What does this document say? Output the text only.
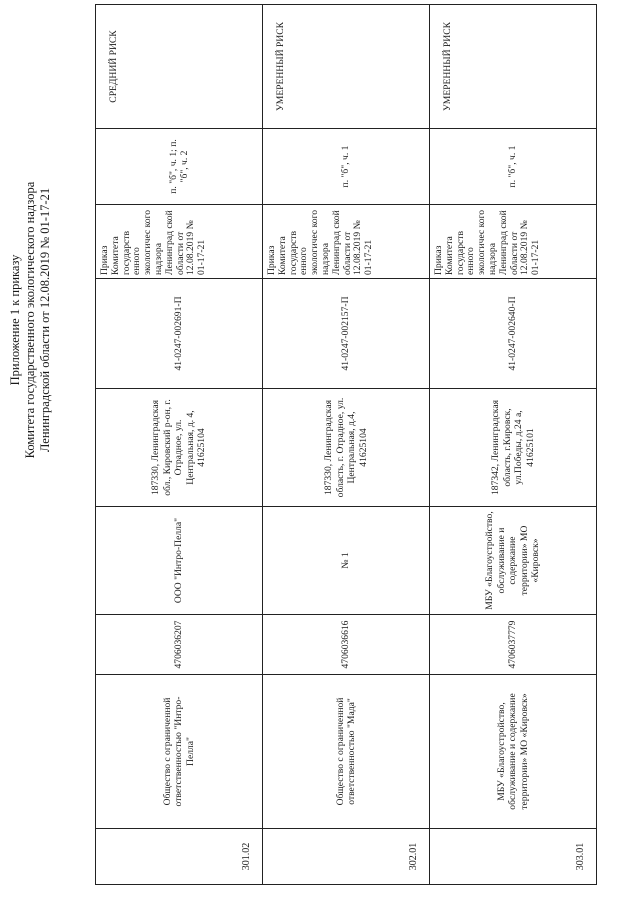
Приложение 1 к приказу Комитета государственного экологического надзора Ленинградской области от 12.08.2019 № 01-17-21
301.02	Общество с ограниченной ответственностью "Интро-Пелла"	4706036207	ООО "Интро-Пелла"	187330, Ленинградская обл., Кировский р-он, г. Отрадное, ул. Центральная, д. 4, 41625104	41-0247-002691-П	Приказ Комитета государств енного экологичес кого надзора Ленинград ской области от 12.08.2019 № 01-17-21	п. "б", ч. 1; п. "б", ч. 2	СРЕДНИЙ РИСК
302.01	Общество с ограниченной ответственностью "Мада"	4706036616	№ 1	187330, Ленинградская область, г. Отрадное, ул. Центральная, д.4, 41625104	41-0247-002157-П	Приказ Комитета государств енного экологичес кого надзора Ленинград ской области от 12.08.2019 № 01-17-21	п. "б", ч. 1	УМЕРЕННЫЙ РИСК
303.01	МБУ «Благоустройство, обслуживание и содержание территории» МО «Кировск»	4706037779	МБУ «Благоустройство, обслуживание и содержание территории» МО «Кировск»	187342, Ленинградская область, г.Кировск, ул.Победы, д.24 а, 41625101	41-0247-002640-П	Приказ Комитета государств енного экологичес кого надзора Ленинград ской области от 12.08.2019 № 01-17-21	п. "б", ч. 1	УМЕРЕННЫЙ РИСК
